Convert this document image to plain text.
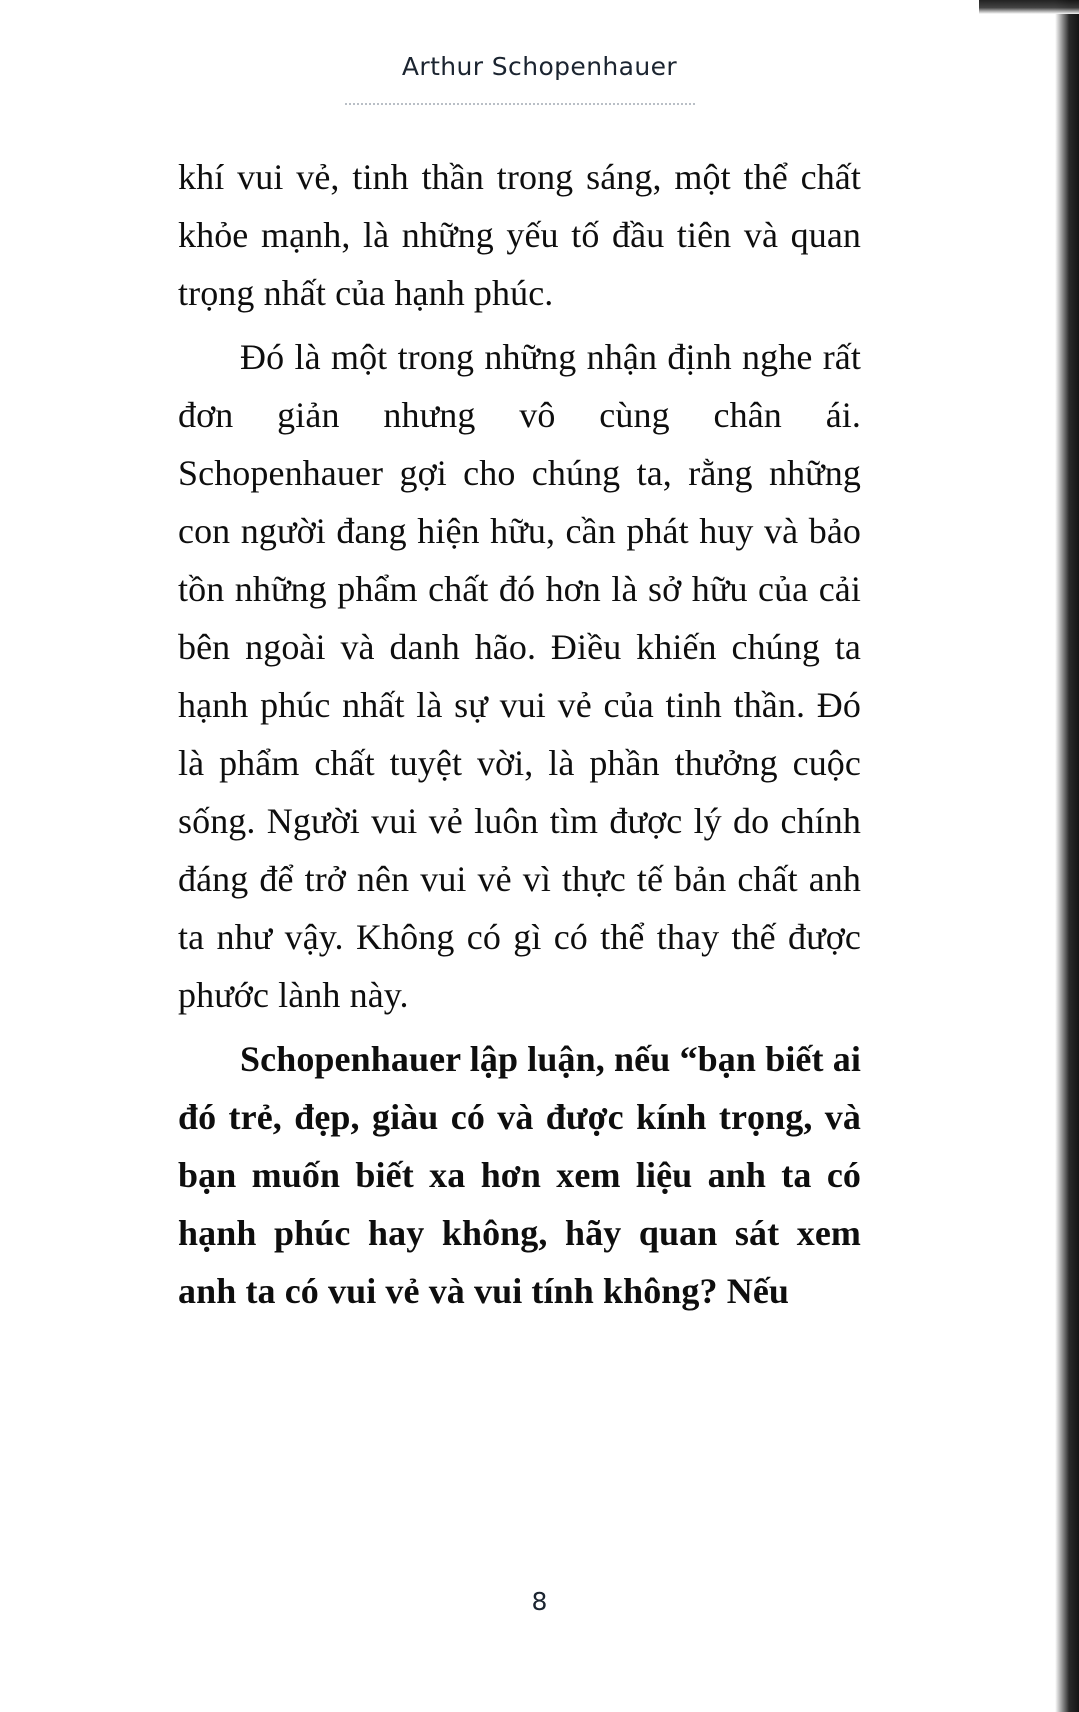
Arthur Schopenhauer

khí vui vẻ, tinh thần trong sáng, một thể chất khỏe mạnh, là những yếu tố đầu tiên và quan trọng nhất của hạnh phúc.

Đó là một trong những nhận định nghe rất đơn giản nhưng vô cùng chân ái. Schopenhauer gợi cho chúng ta, rằng những con người đang hiện hữu, cần phát huy và bảo tồn những phẩm chất đó hơn là sở hữu của cải bên ngoài và danh hão. Điều khiến chúng ta hạnh phúc nhất là sự vui vẻ của tinh thần. Đó là phẩm chất tuyệt vời, là phần thưởng cuộc sống. Người vui vẻ luôn tìm được lý do chính đáng để trở nên vui vẻ vì thực tế bản chất anh ta như vậy. Không có gì có thể thay thế được phước lành này.

Schopenhauer lập luận, nếu “bạn biết ai đó trẻ, đẹp, giàu có và được kính trọng, và bạn muốn biết xa hơn xem liệu anh ta có hạnh phúc hay không, hãy quan sát xem anh ta có vui vẻ và vui tính không? Nếu

8
